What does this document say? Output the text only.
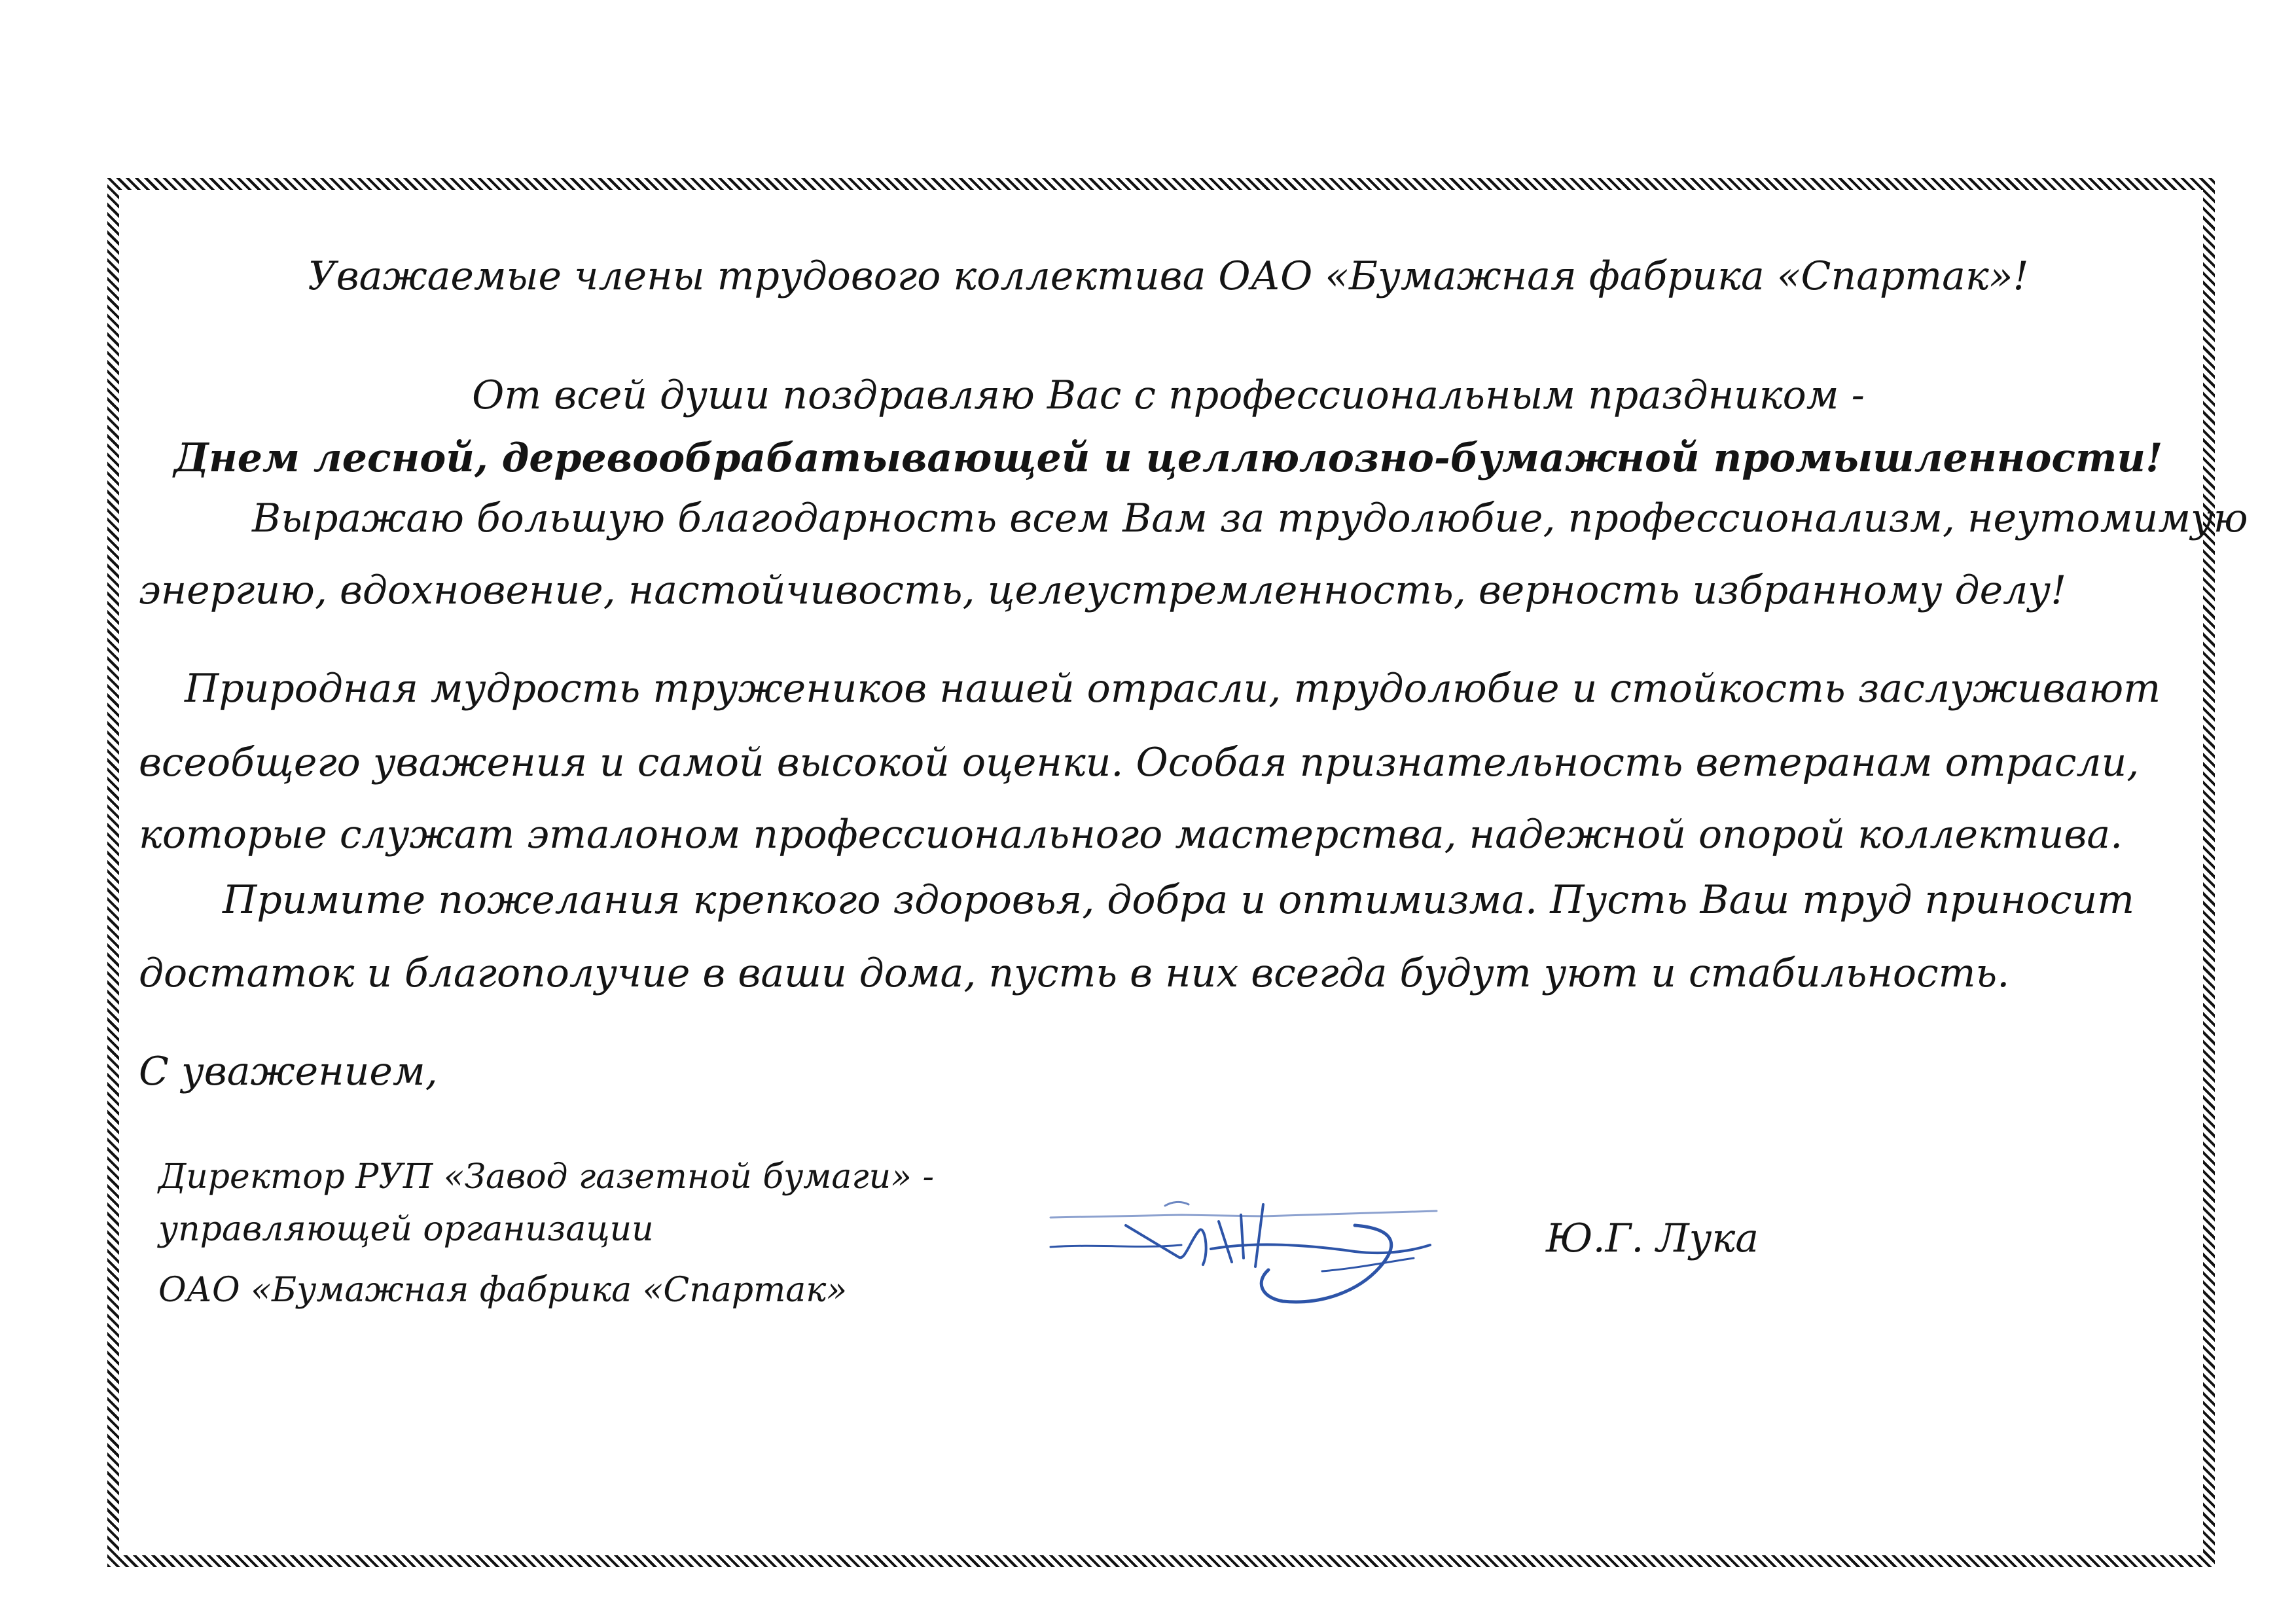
Уважаемые члены трудового коллектива ОАО «Бумажная фабрика «Спартак»!

От всей души поздравляю Вас с профессиональным праздником -

Днем лесной, деревообрабатывающей и целлюлозно-бумажной промышленности!

Выражаю большую благодарность всем Вам за трудолюбие, профессионализм, неутомимую

энергию, вдохновение, настойчивость, целеустремленность, верность избранному делу!

Природная мудрость тружеников нашей отрасли, трудолюбие и стойкость заслуживают

всеобщего уважения и самой высокой оценки. Особая признательность ветеранам отрасли,

которые служат эталоном профессионального мастерства, надежной опорой коллектива.

Примите пожелания крепкого здоровья, добра и оптимизма. Пусть Ваш труд приносит

достаток и благополучие в ваши дома, пусть в них всегда будут уют и стабильность.

С уважением,

Директор РУП «Завод газетной бумаги» -

управляющей организации

ОАО «Бумажная фабрика «Спартак»

Ю.Г. Лука
